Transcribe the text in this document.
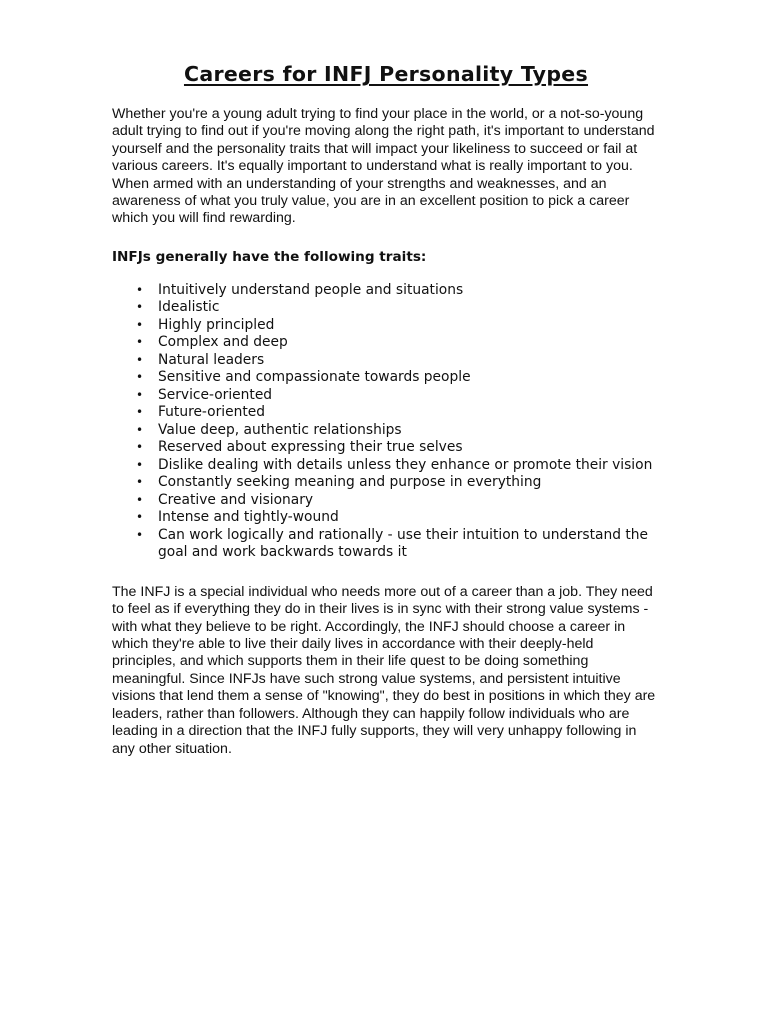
Careers for INFJ Personality Types

Whether you're a young adult trying to find your place in the world, or a not-so-young adult trying to find out if you're moving along the right path, it's important to understand yourself and the personality traits that will impact your likeliness to succeed or fail at various careers. It's equally important to understand what is really important to you. When armed with an understanding of your strengths and weaknesses, and an awareness of what you truly value, you are in an excellent position to pick a career which you will find rewarding.

INFJs generally have the following traits:
• Intuitively understand people and situations
• Idealistic
• Highly principled
• Complex and deep
• Natural leaders
• Sensitive and compassionate towards people
• Service-oriented
• Future-oriented
• Value deep, authentic relationships
• Reserved about expressing their true selves
• Dislike dealing with details unless they enhance or promote their vision
• Constantly seeking meaning and purpose in everything
• Creative and visionary
• Intense and tightly-wound
• Can work logically and rationally - use their intuition to understand the goal and work backwards towards it

The INFJ is a special individual who needs more out of a career than a job. They need to feel as if everything they do in their lives is in sync with their strong value systems - with what they believe to be right. Accordingly, the INFJ should choose a career in which they're able to live their daily lives in accordance with their deeply-held principles, and which supports them in their life quest to be doing something meaningful. Since INFJs have such strong value systems, and persistent intuitive visions that lend them a sense of "knowing", they do best in positions in which they are leaders, rather than followers. Although they can happily follow individuals who are leading in a direction that the INFJ fully supports, they will very unhappy following in any other situation.
